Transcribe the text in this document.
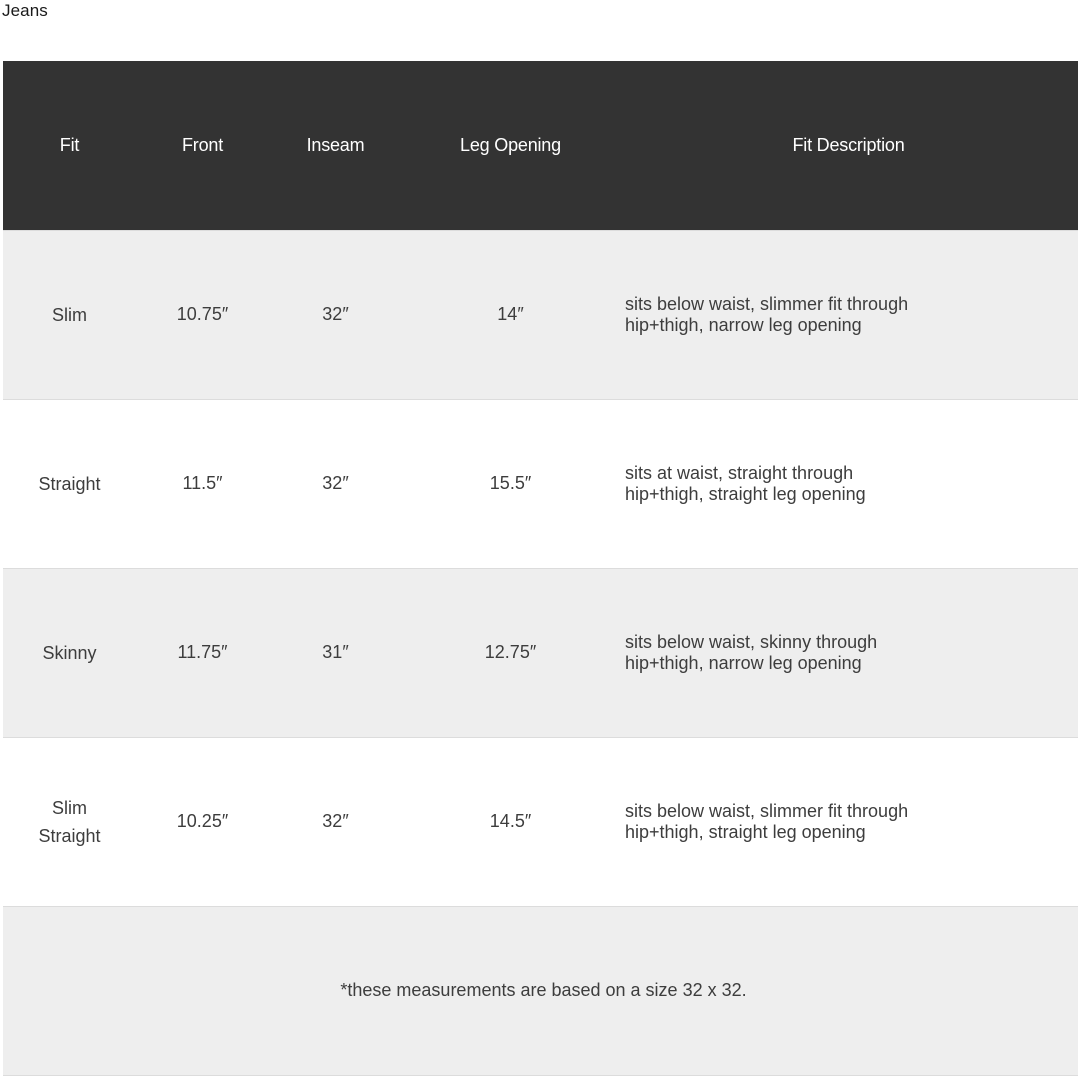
Jeans
Fit	Front	Inseam	Leg Opening	Fit Description

Slim	10.75″	32″	14″	sits below waist, slimmer fit through
hip+thigh, narrow leg opening

Straight	11.5″	32″	15.5″	sits at waist, straight through
hip+thigh, straight leg opening

Skinny	11.75″	31″	12.75″	sits below waist, skinny through
hip+thigh, narrow leg opening

Slim
Straight	10.25″	32″	14.5″	sits below waist, slimmer fit through
hip+thigh, straight leg opening

*these measurements are based on a size 32 x 32.				
